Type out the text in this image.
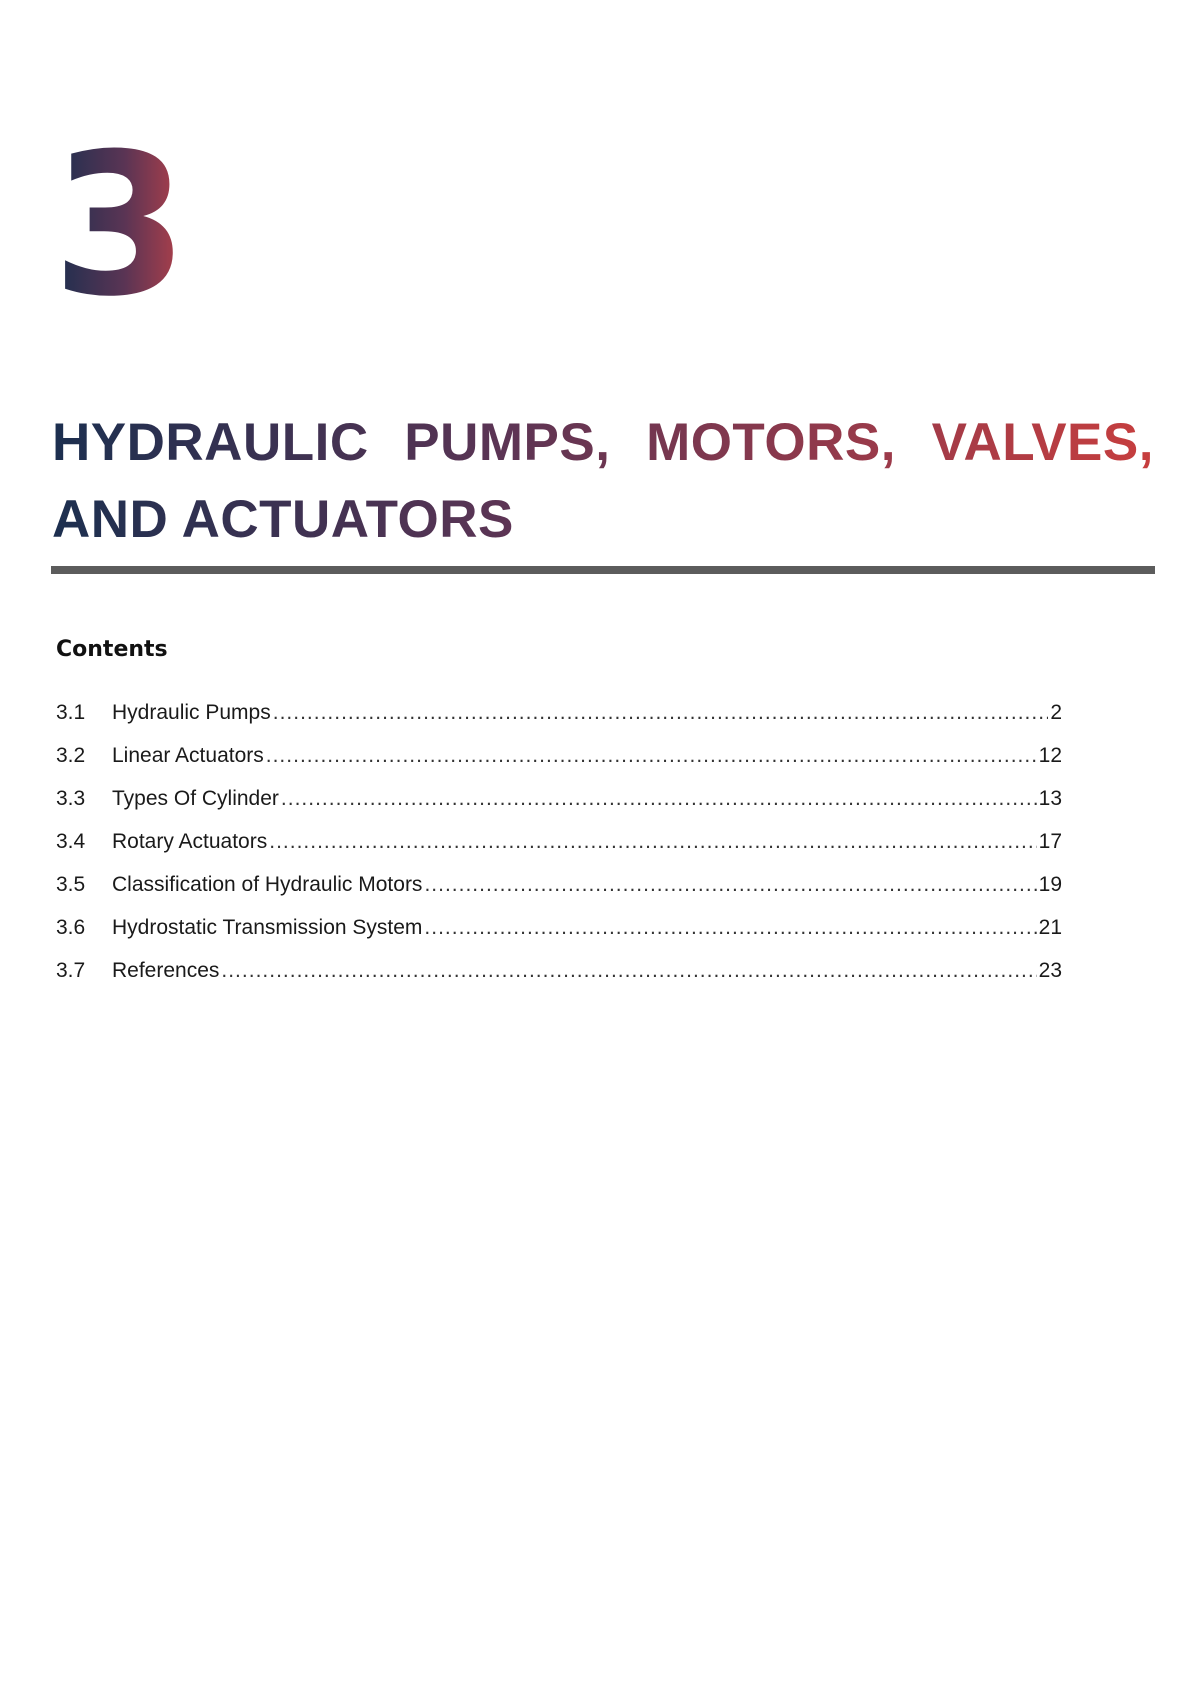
3
HYDRAULIC PUMPS, MOTORS, VALVES,
AND ACTUATORS
Contents
3.1	Hydraulic Pumps .....	2
3.2	Linear Actuators .....	12
3.3	Types Of Cylinder .....	13
3.4	Rotary Actuators .....	17
3.5	Classification of Hydraulic Motors .....	19
3.6	Hydrostatic Transmission System .....	21
3.7	References .....	23
